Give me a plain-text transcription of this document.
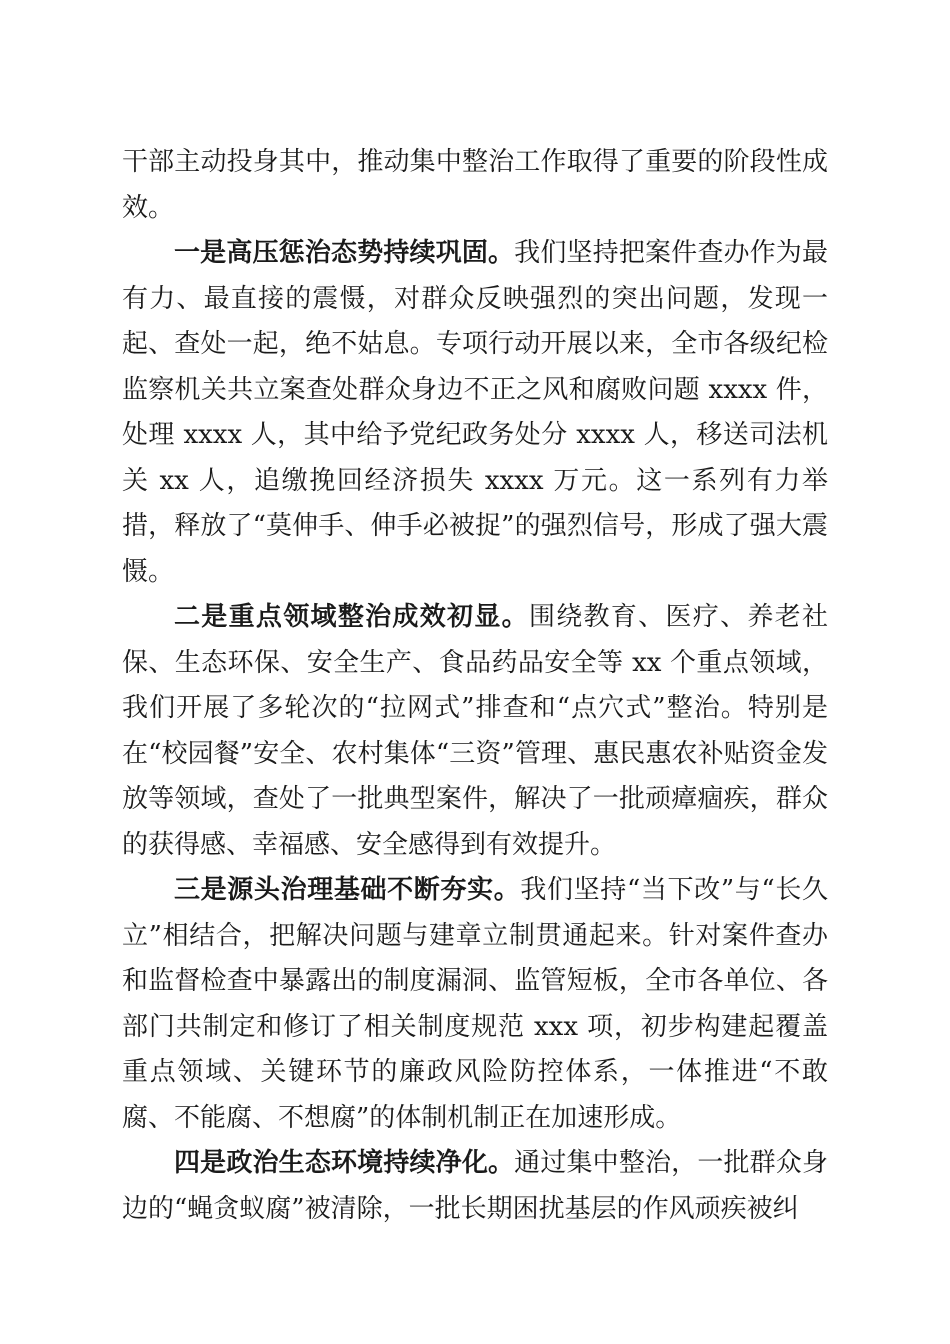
干部主动投身其中，推动集中整治工作取得了重要的阶段性成效。

一是高压惩治态势持续巩固。我们坚持把案件查办作为最有力、最直接的震慑，对群众反映强烈的突出问题，发现一起、查处一起，绝不姑息。专项行动开展以来，全市各级纪检监察机关共立案查处群众身边不正之风和腐败问题 xxxx 件，处理 xxxx 人，其中给予党纪政务处分 xxxx 人，移送司法机关 xx 人，追缴挽回经济损失 xxxx 万元。这一系列有力举措，释放了“莫伸手、伸手必被捉”的强烈信号，形成了强大震慑。

二是重点领域整治成效初显。围绕教育、医疗、养老社保、生态环保、安全生产、食品药品安全等 xx 个重点领域，我们开展了多轮次的“拉网式”排查和“点穴式”整治。特别是在“校园餐”安全、农村集体“三资”管理、惠民惠农补贴资金发放等领域，查处了一批典型案件，解决了一批顽瘴痼疾，群众的获得感、幸福感、安全感得到有效提升。

三是源头治理基础不断夯实。我们坚持“当下改”与“长久立”相结合，把解决问题与建章立制贯通起来。针对案件查办和监督检查中暴露出的制度漏洞、监管短板，全市各单位、各部门共制定和修订了相关制度规范 xxx 项，初步构建起覆盖重点领域、关键环节的廉政风险防控体系，一体推进“不敢腐、不能腐、不想腐”的体制机制正在加速形成。

四是政治生态环境持续净化。通过集中整治，一批群众身边的“蝇贪蚁腐”被清除，一批长期困扰基层的作风顽疾被纠
